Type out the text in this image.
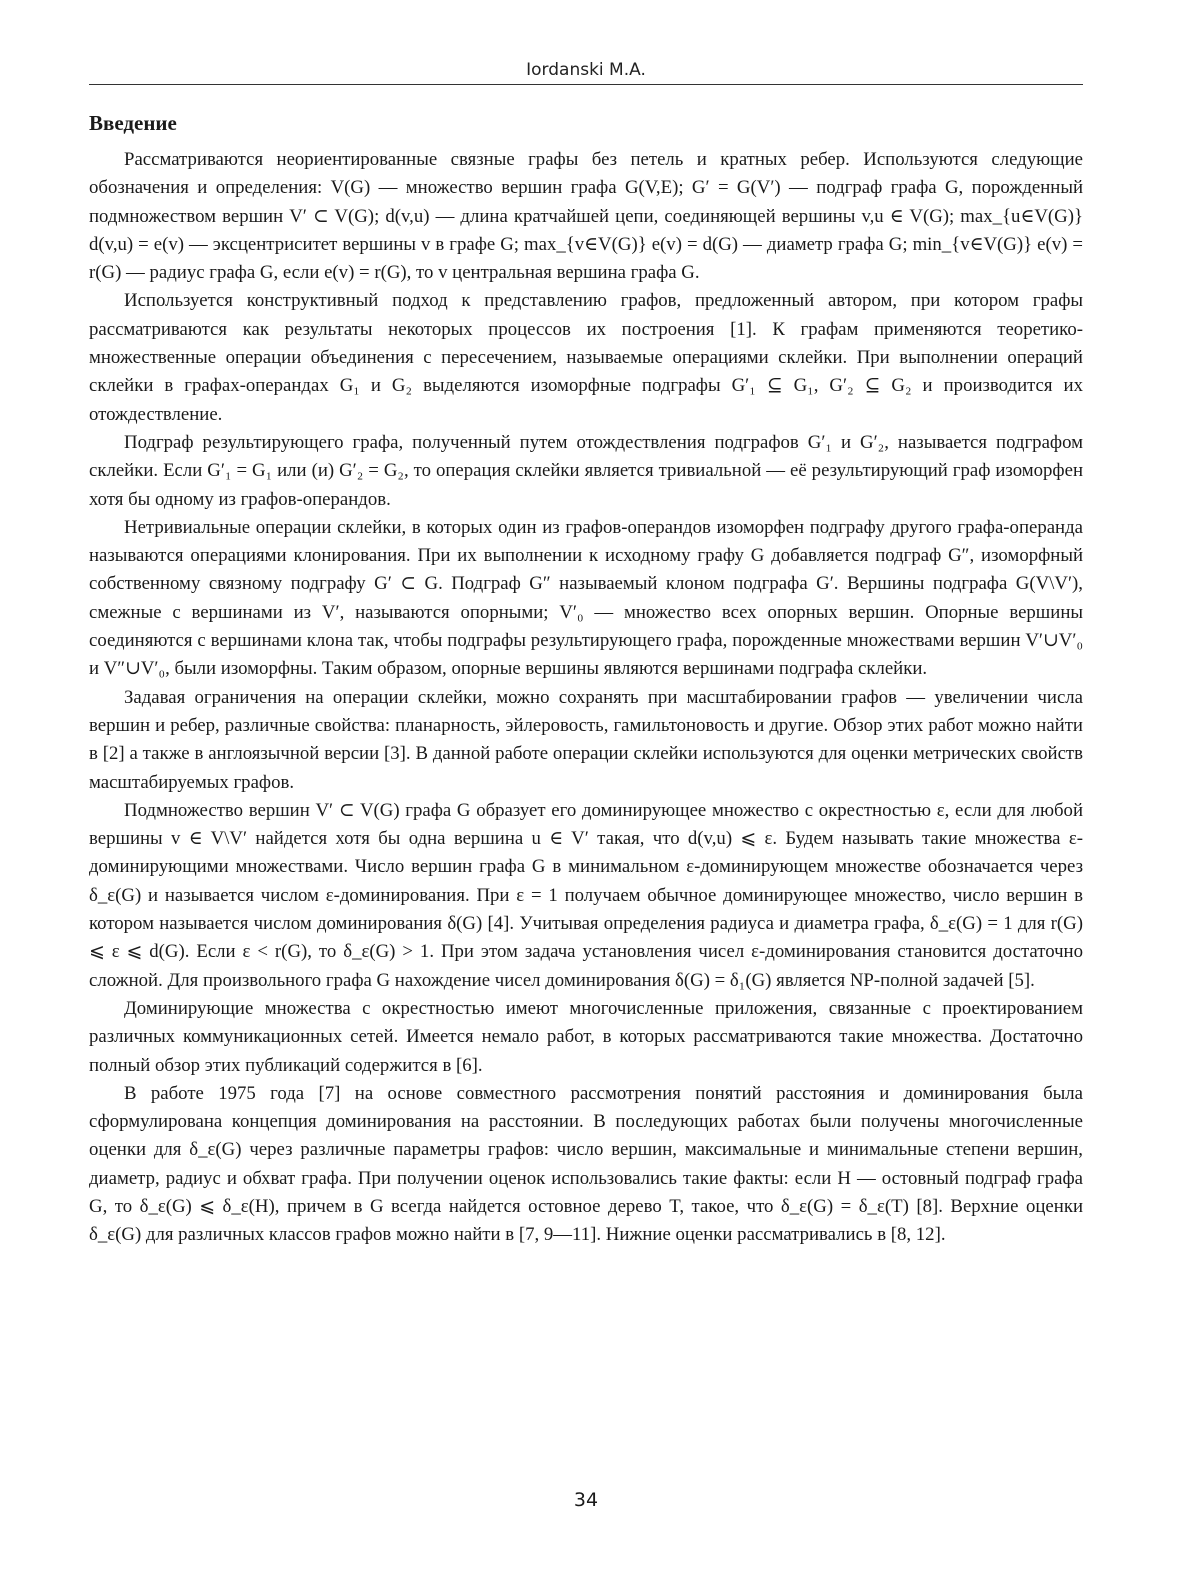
Iordanski M.A.
Введение

Рассматриваются неориентированные связные графы без петель и кратных ребер. Используются следующие обозначения и определения: V(G) — множество вершин графа G(V,E); G′ = G(V′) — подграф графа G, порожденный подмножеством вершин V′ ⊂ V(G); d(v,u) — длина кратчайшей цепи, соединяющей вершины v,u ∈ V(G); max_{u∈V(G)} d(v,u) = e(v) — эксцентриситет вершины v в графе G; max_{v∈V(G)} e(v) = d(G) — диаметр графа G; min_{v∈V(G)} e(v) = r(G) — радиус графа G, если e(v) = r(G), то v центральная вершина графа G.

Используется конструктивный подход к представлению графов, предложенный автором, при котором графы рассматриваются как результаты некоторых процессов их построения [1]. К графам применяются теоретико-множественные операции объединения с пересечением, называемые операциями склейки. При выполнении операций склейки в графах-операндах G₁ и G₂ выделяются изоморфные подграфы G′₁ ⊆ G₁, G′₂ ⊆ G₂ и производится их отождествление.

Подграф результирующего графа, полученный путем отождествления подграфов G′₁ и G′₂, называется подграфом склейки. Если G′₁ = G₁ или (и) G′₂ = G₂, то операция склейки является тривиальной — её результирующий граф изоморфен хотя бы одному из графов-операндов.

Нетривиальные операции склейки, в которых один из графов-операндов изоморфен подграфу другого графа-операнда называются операциями клонирования. При их выполнении к исходному графу G добавляется подграф G″, изоморфный собственному связному подграфу G′ ⊂ G. Подграф G″ называемый клоном подграфа G′. Вершины подграфа G(V\V′), смежные с вершинами из V′, называются опорными; V′₀ — множество всех опорных вершин. Опорные вершины соединяются с вершинами клона так, чтобы подграфы результирующего графа, порожденные множествами вершин V′∪V′₀ и V″∪V′₀, были изоморфны. Таким образом, опорные вершины являются вершинами подграфа склейки.

Задавая ограничения на операции склейки, можно сохранять при масштабировании графов — увеличении числа вершин и ребер, различные свойства: планарность, эйлеровость, гамильтоновость и другие. Обзор этих работ можно найти в [2] а также в англоязычной версии [3]. В данной работе операции склейки используются для оценки метрических свойств масштабируемых графов.

Подмножество вершин V′ ⊂ V(G) графа G образует его доминирующее множество с окрестностью ε, если для любой вершины v ∈ V\V′ найдется хотя бы одна вершина u ∈ V′ такая, что d(v,u) ⩽ ε. Будем называть такие множества ε-доминирующими множествами. Число вершин графа G в минимальном ε-доминирующем множестве обозначается через δ_ε(G) и называется числом ε-доминирования. При ε = 1 получаем обычное доминирующее множество, число вершин в котором называется числом доминирования δ(G) [4]. Учитывая определения радиуса и диаметра графа, δ_ε(G) = 1 для r(G) ⩽ ε ⩽ d(G). Если ε < r(G), то δ_ε(G) > 1. При этом задача установления чисел ε-доминирования становится достаточно сложной. Для произвольного графа G нахождение чисел доминирования δ(G) = δ₁(G) является NP-полной задачей [5].

Доминирующие множества с окрестностью имеют многочисленные приложения, связанные с проектированием различных коммуникационных сетей. Имеется немало работ, в которых рассматриваются такие множества. Достаточно полный обзор этих публикаций содержится в [6].

В работе 1975 года [7] на основе совместного рассмотрения понятий расстояния и доминирования была сформулирована концепция доминирования на расстоянии. В последующих работах были получены многочисленные оценки для δ_ε(G) через различные параметры графов: число вершин, максимальные и минимальные степени вершин, диаметр, радиус и обхват графа. При получении оценок использовались такие факты: если H — остовный подграф графа G, то δ_ε(G) ⩽ δ_ε(H), причем в G всегда найдется остовное дерево T, такое, что δ_ε(G) = δ_ε(T) [8]. Верхние оценки δ_ε(G) для различных классов графов можно найти в [7, 9—11]. Нижние оценки рассматривались в [8, 12].

34
